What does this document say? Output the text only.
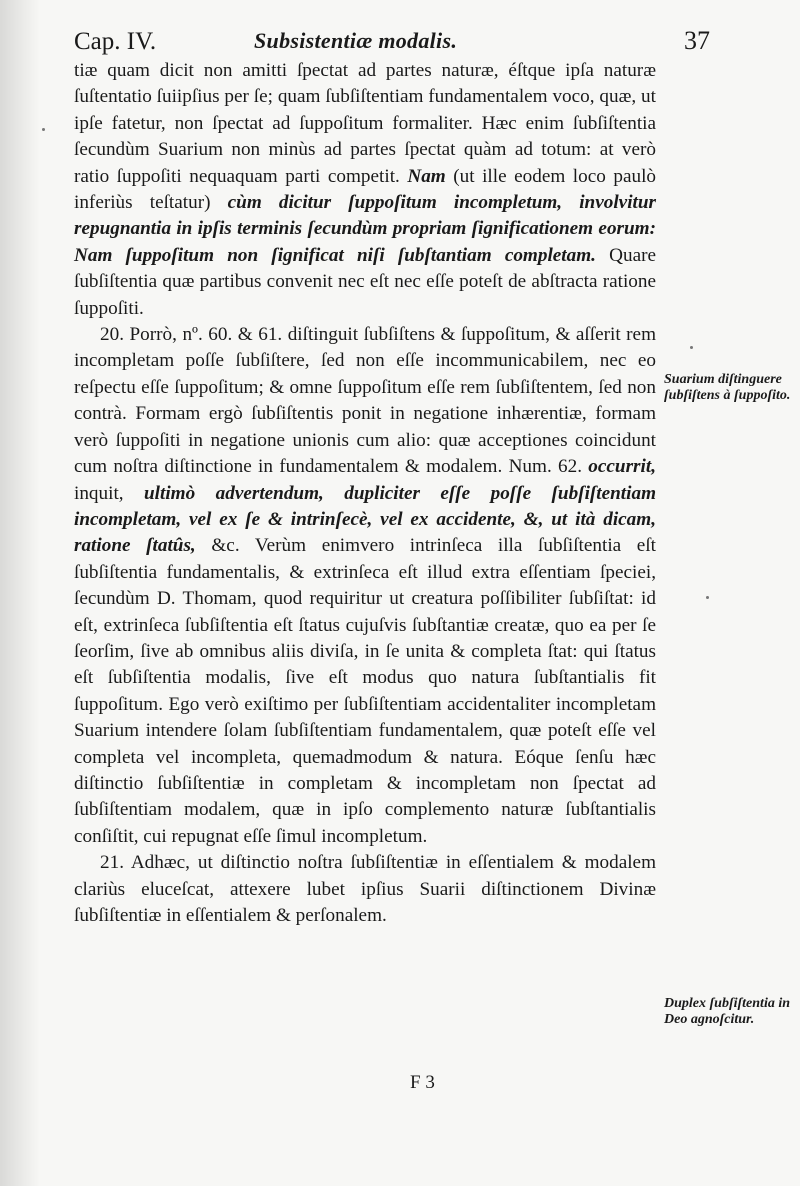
Cap. IV.	Subsistentiæ modalis.	37

tiæ quam dicit non amitti ſpectat ad partes naturæ, éſtque ipſa naturæ ſuſtentatio ſuiipſius per ſe; quam ſubſiſtentiam fundamentalem voco, quæ, ut ipſe fatetur, non ſpectat ad ſuppoſitum formaliter. Hæc enim ſubſiſtentia ſecundùm Suarium non minùs ad partes ſpectat quàm ad totum: at verò ratio ſuppoſiti nequaquam parti competit. Nam (ut ille eodem loco paulò inferiùs teſtatur) cùm dicitur ſuppoſitum incompletum, involvitur repugnantia in ipſis terminis ſecundùm propriam ſignificationem eorum: Nam ſuppoſitum non ſignificat niſi ſubſtantiam completam. Quare ſubſiſtentia quæ partibus convenit nec eſt nec eſſe poteſt de abſtracta ratione ſuppoſiti.

20. Porrò, nº. 60. & 61. diſtinguit ſubſiſtens & ſuppoſitum, & aſſerit rem incompletam poſſe ſubſiſtere, ſed non eſſe incommunicabilem, nec eo reſpectu eſſe ſuppoſitum; & omne ſuppoſitum eſſe rem ſubſiſtentem, ſed non contrà. Formam ergò ſubſiſtentis ponit in negatione inhærentiæ, formam verò ſuppoſiti in negatione unionis cum alio: quæ acceptiones coincidunt cum noſtra diſtinctione in fundamentalem & modalem. Num. 62. occurrit, inquit, ultimò advertendum, dupliciter eſſe poſſe ſubſiſtentiam incompletam, vel ex ſe & intrinſecè, vel ex accidente, &, ut ità dicam, ratione ſtatûs, &c. Verùm enimvero intrinſeca illa ſubſiſtentia eſt ſubſiſtentia fundamentalis, & extrinſeca eſt illud extra eſſentiam ſpeciei, ſecundùm D. Thomam, quod requiritur ut creatura poſſibiliter ſubſiſtat: id eſt, extrinſeca ſubſiſtentia eſt ſtatus cujuſvis ſubſtantiæ creatæ, quo ea per ſe ſeorſim, ſive ab omnibus aliis diviſa, in ſe unita & completa ſtat: qui ſtatus eſt ſubſiſtentia modalis, ſive eſt modus quo natura ſubſtantialis fit ſuppoſitum. Ego verò exiſtimo per ſubſiſtentiam accidentaliter incompletam Suarium intendere ſolam ſubſiſtentiam fundamentalem, quæ poteſt eſſe vel completa vel incompleta, quemadmodum & natura. Eóque ſenſu hæc diſtinctio ſubſiſtentiæ in completam & incompletam non ſpectat ad ſubſiſtentiam modalem, quæ in ipſo complemento naturæ ſubſtantialis conſiſtit, cui repugnat eſſe ſimul incompletum.

21. Adhæc, ut diſtinctio noſtra ſubſiſtentiæ in eſſentialem & modalem clariùs eluceſcat, attexere lubet ipſius Suarii diſtinctionem Divinæ ſubſiſtentiæ in eſſentialem & perſonalem.

Suarium diſtinguere ſubſiſtens à ſuppoſito.
Duplex ſubſiſtentia in Deo agnoſcitur.
F 3
